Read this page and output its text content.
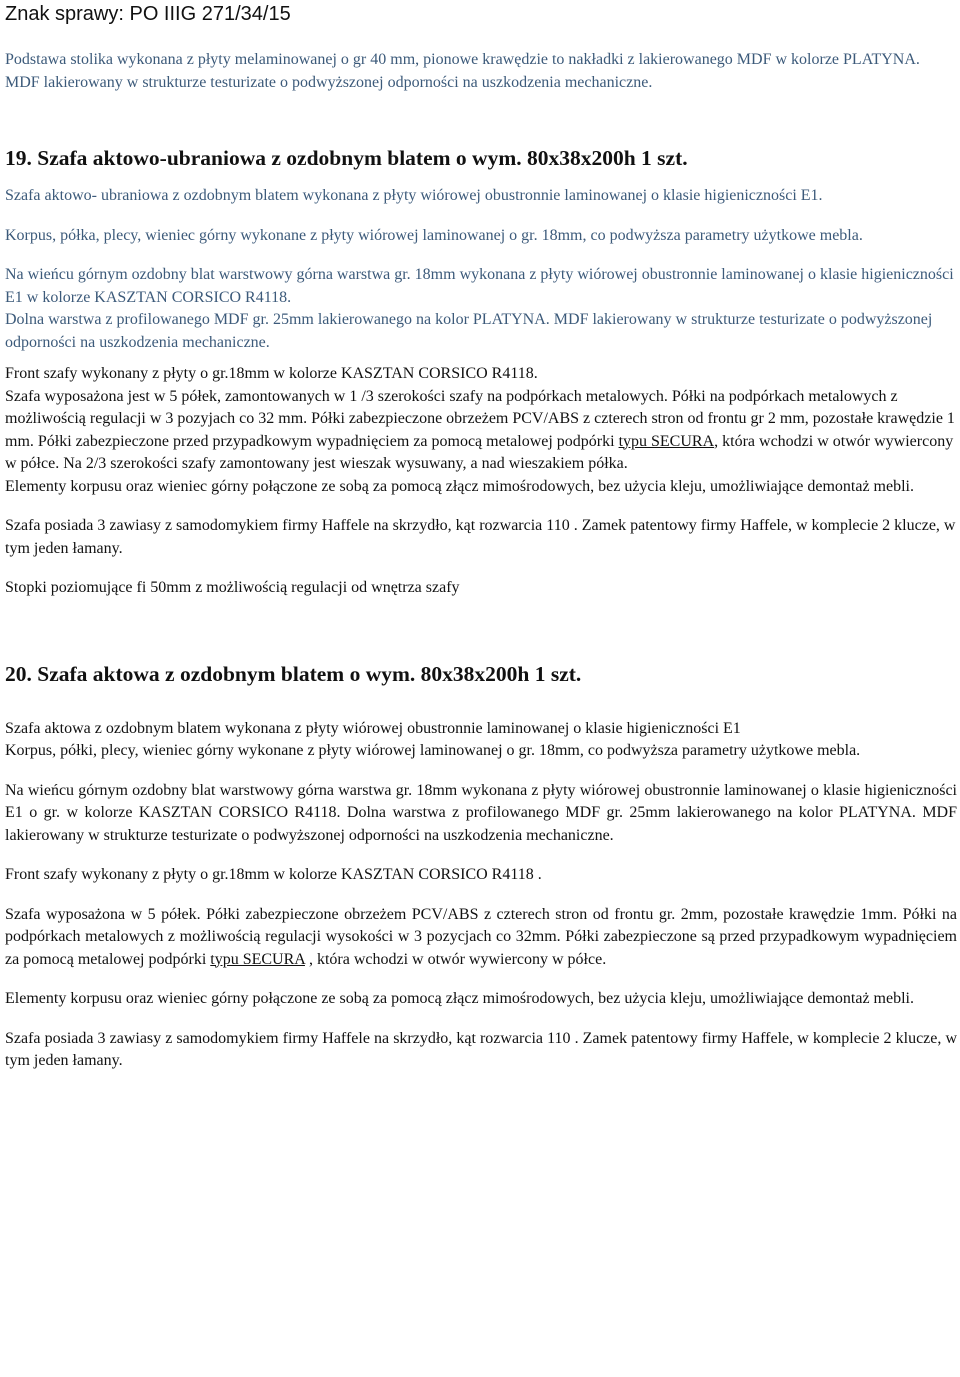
Znak sprawy: PO IIIG 271/34/15

Podstawa stolika wykonana z płyty melaminowanej o gr 40 mm, pionowe krawędzie to nakładki z lakierowanego MDF w kolorze PLATYNA. MDF lakierowany w strukturze testurizate o podwyższonej odporności na uszkodzenia mechaniczne.

19. Szafa aktowo-ubraniowa z ozdobnym blatem o wym. 80x38x200h 1 szt.

Szafa aktowo- ubraniowa z ozdobnym blatem wykonana z płyty wiórowej obustronnie laminowanej o klasie higieniczności E1.

Korpus, półka, plecy, wieniec górny wykonane z płyty wiórowej laminowanej o gr. 18mm, co podwyższa parametry użytkowe mebla.

Na wieńcu górnym ozdobny blat warstwowy górna warstwa gr. 18mm wykonana z płyty wiórowej obustronnie laminowanej o klasie higieniczności E1 w kolorze KASZTAN CORSICO R4118.

Dolna warstwa z profilowanego MDF gr. 25mm lakierowanego na kolor PLATYNA. MDF lakierowany w strukturze testurizate o podwyższonej odporności na uszkodzenia mechaniczne.

Front szafy wykonany z płyty o gr.18mm w kolorze KASZTAN CORSICO R4118.

Szafa wyposażona jest w 5 półek, zamontowanych w 1 /3 szerokości szafy na podpórkach metalowych. Półki na podpórkach metalowych z możliwością regulacji w 3 pozyjach co 32 mm. Półki zabezpieczone obrzeżem PCV/ABS z czterech stron od frontu gr 2 mm, pozostałe krawędzie 1 mm. Półki zabezpieczone przed przypadkowym wypadnięciem za pomocą metalowej podpórki typu SECURA, która wchodzi w otwór wywiercony w półce. Na 2/3 szerokości szafy zamontowany jest wieszak wysuwany, a nad wieszakiem półka.

Elementy korpusu oraz wieniec górny połączone ze sobą za pomocą złącz mimośrodowych, bez użycia kleju, umożliwiające demontaż mebli.

Szafa posiada 3 zawiasy z samodomykiem firmy Haffele na skrzydło, kąt rozwarcia 110 . Zamek patentowy firmy Haffele, w komplecie 2 klucze, w tym jeden łamany.

Stopki poziomujące fi 50mm z możliwością regulacji od wnętrza szafy

20. Szafa aktowa z ozdobnym blatem o wym. 80x38x200h 1 szt.

Szafa aktowa z ozdobnym blatem wykonana z płyty wiórowej obustronnie laminowanej o klasie higieniczności E1

Korpus, półki, plecy, wieniec górny wykonane z płyty wiórowej laminowanej o gr. 18mm, co podwyższa parametry użytkowe mebla.

Na wieńcu górnym ozdobny blat warstwowy górna warstwa gr. 18mm wykonana z płyty wiórowej obustronnie laminowanej o klasie higieniczności E1 o gr. w kolorze KASZTAN CORSICO R4118. Dolna warstwa z profilowanego MDF gr. 25mm lakierowanego na kolor PLATYNA. MDF lakierowany w strukturze testurizate o podwyższonej odporności na uszkodzenia mechaniczne.

Front szafy wykonany z płyty o gr.18mm w kolorze KASZTAN CORSICO R4118 .

Szafa wyposażona w 5 półek. Półki zabezpieczone obrzeżem PCV/ABS z czterech stron od frontu gr. 2mm, pozostałe krawędzie 1mm. Półki na podpórkach metalowych z możliwością regulacji wysokości w 3 pozycjach co 32mm. Półki zabezpieczone są przed przypadkowym wypadnięciem za pomocą metalowej podpórki typu SECURA , która wchodzi w otwór wywiercony w półce.

Elementy korpusu oraz wieniec górny połączone ze sobą za pomocą złącz mimośrodowych, bez użycia kleju, umożliwiające demontaż mebli.

Szafa posiada 3 zawiasy z samodomykiem firmy Haffele na skrzydło, kąt rozwarcia 110 . Zamek patentowy firmy Haffele, w komplecie 2 klucze, w tym jeden łamany.
